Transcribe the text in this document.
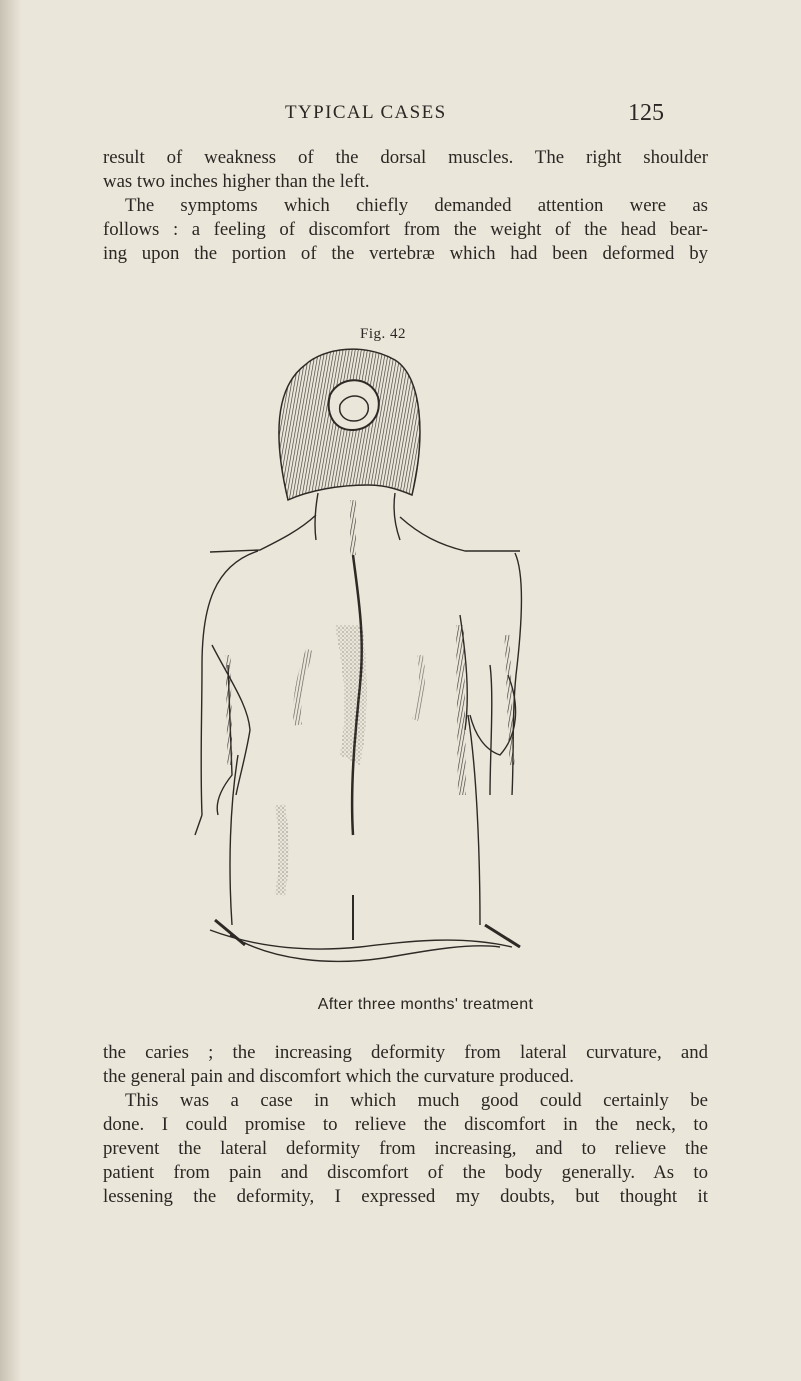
TYPICAL CASES	125
result of weakness of the dorsal muscles. The right shoulder
was two inches higher than the left.
The symptoms which chiefly demanded attention were as
follows : a feeling of discomfort from the weight of the head bear-
ing upon the portion of the vertebræ which had been deformed by
Fig. 42
After three months' treatment
the caries ; the increasing deformity from lateral curvature, and
the general pain and discomfort which the curvature produced.
This was a case in which much good could certainly be
done. I could promise to relieve the discomfort in the neck, to
prevent the lateral deformity from increasing, and to relieve the
patient from pain and discomfort of the body generally. As to
lessening the deformity, I expressed my doubts, but thought it
